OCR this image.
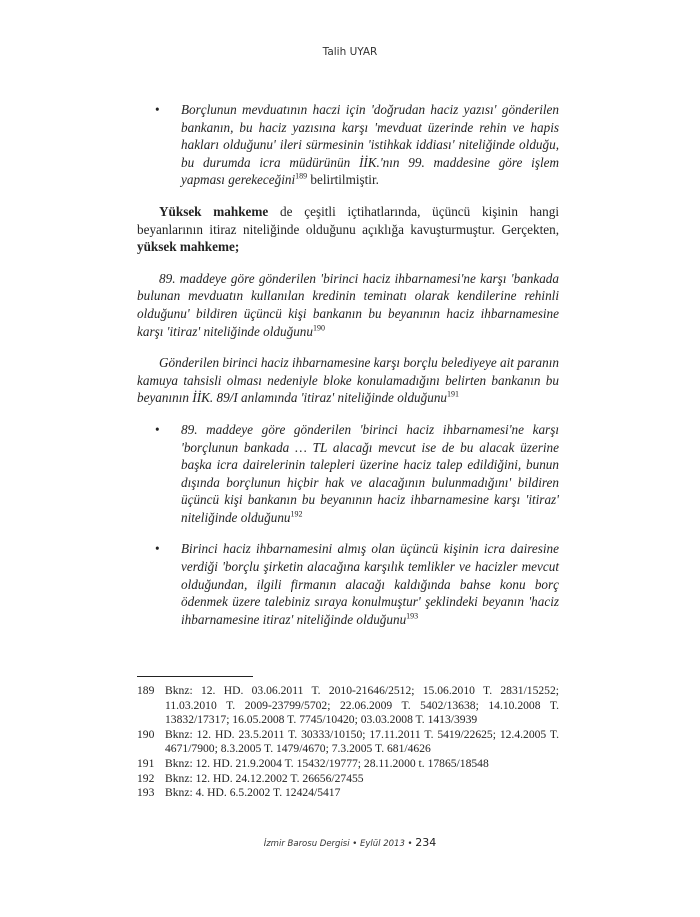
Talih UYAR
• Borçlunun mevduatının haczi için 'doğrudan haciz yazısı' gönderilen bankanın, bu haciz yazısına karşı 'mevduat üzerinde rehin ve hapis hakları olduğunu' ileri sürmesinin 'istihkak iddiası' niteliğinde olduğu, bu durumda icra müdürünün İİK.'nın 99. maddesine göre işlem yapması gerekeceğini$^{189}$ belirtilmiştir.

Yüksek mahkeme de çeşitli içtihatlarında, üçüncü kişinin hangi beyanlarının itiraz niteliğinde olduğunu açıklığa kavuşturmuştur. Gerçekten, yüksek mahkeme;

89. maddeye göre gönderilen 'birinci haciz ihbarnamesi'ne karşı 'bankada bulunan mevduatın kullanılan kredinin teminatı olarak kendilerine rehinli olduğunu' bildiren üçüncü kişi bankanın bu beyanının haciz ihbarnamesine karşı 'itiraz' niteliğinde olduğunu$^{190}$

Gönderilen birinci haciz ihbarnamesine karşı borçlu belediyeye ait paranın kamuya tahsisli olması nedeniyle bloke konulamadığını belirten bankanın bu beyanının İİK. 89/I anlamında 'itiraz' niteliğinde olduğunu$^{191}$

• 89. maddeye göre gönderilen 'birinci haciz ihbarnamesi'ne karşı 'borçlunun bankada … TL alacağı mevcut ise de bu alacak üzerine başka icra dairelerinin talepleri üzerine haciz talep edildiğini, bunun dışında borçlunun hiçbir hak ve alacağının bulunmadığını' bildiren üçüncü kişi bankanın bu beyanının haciz ihbarnamesine karşı 'itiraz' niteliğinde olduğunu$^{192}$
• Birinci haciz ihbarnamesini almış olan üçüncü kişinin icra dairesine verdiği 'borçlu şirketin alacağına karşılık temlikler ve hacizler mevcut olduğundan, ilgili firmanın alacağı kaldığında bahse konu borç ödenmek üzere talebiniz sıraya konulmuştur' şeklindeki beyanın 'haciz ihbarnamesine itiraz' niteliğinde olduğunu$^{193}$
189 Bknz: 12. HD. 03.06.2011 T. 2010-21646/2512; 15.06.2010 T. 2831/15252; 11.03.2010 T. 2009-23799/5702; 22.06.2009 T. 5402/13638; 14.10.2008 T. 13832/17317; 16.05.2008 T. 7745/10420; 03.03.2008 T. 1413/3939
190 Bknz: 12. HD. 23.5.2011 T. 30333/10150; 17.11.2011 T. 5419/22625; 12.4.2005 T. 4671/7900; 8.3.2005 T. 1479/4670; 7.3.2005 T. 681/4626
191 Bknz: 12. HD. 21.9.2004 T. 15432/19777; 28.11.2000 t. 17865/18548
192 Bknz: 12. HD. 24.12.2002 T. 26656/27455
193 Bknz: 4. HD. 6.5.2002 T. 12424/5417
İzmir Barosu Dergisi • Eylül 2013 • 234
